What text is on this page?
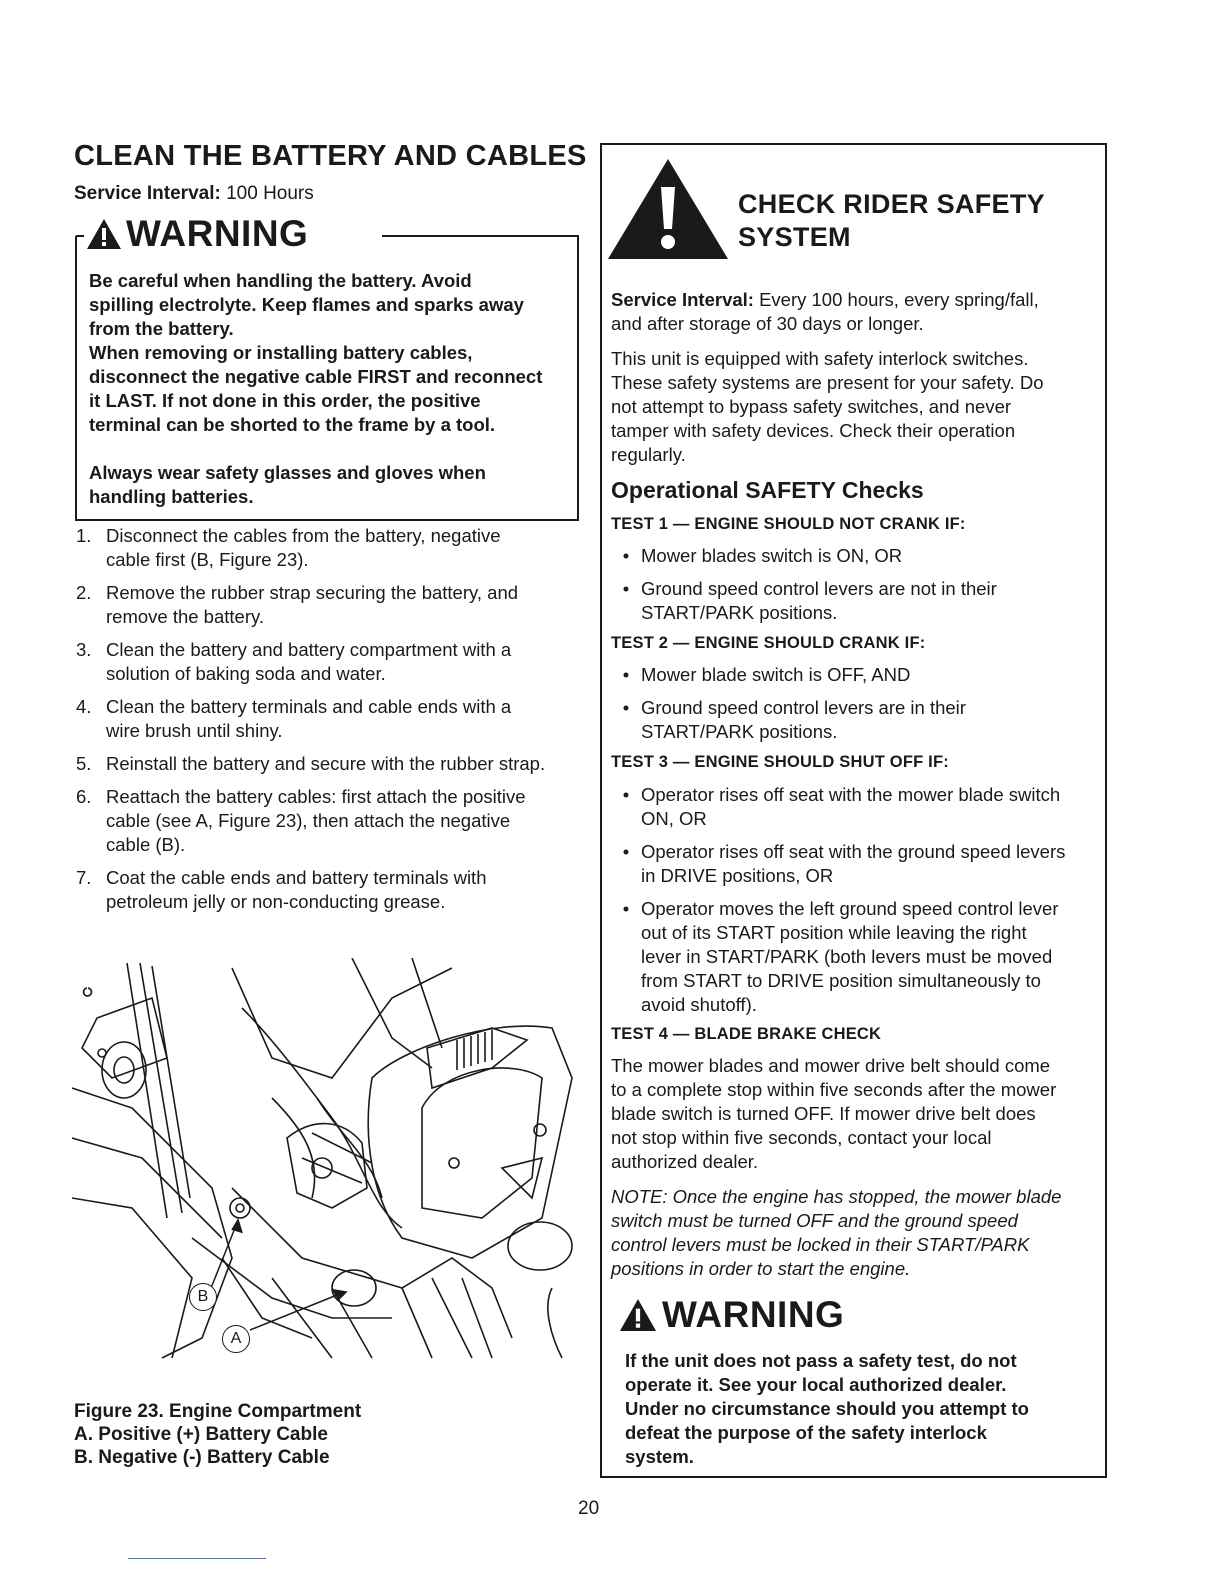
CLEAN THE BATTERY AND CABLES
Service Interval: 100 Hours
WARNING
Be careful when handling the battery. Avoid
spilling electrolyte. Keep flames and sparks away
from the battery.
When removing or installing battery cables,
disconnect the negative cable FIRST and reconnect
it LAST. If not done in this order, the positive
terminal can be shorted to the frame by a tool.
Always wear safety glasses and gloves when
handling batteries.
1. Disconnect the cables from the battery, negative
cable first (B, Figure 23).
2. Remove the rubber strap securing the battery, and
remove the battery.
3. Clean the battery and battery compartment with a
solution of baking soda and water.
4. Clean the battery terminals and cable ends with a
wire brush until shiny.
5. Reinstall the battery and secure with the rubber strap.
6. Reattach the battery cables: first attach the positive
cable (see A, Figure 23), then attach the negative
cable (B).
7. Coat the cable ends and battery terminals with
petroleum jelly or non-conducting grease.
B
A
Figure 23. Engine Compartment
A. Positive (+) Battery Cable
B. Negative (-) Battery Cable
CHECK RIDER SAFETY
SYSTEM
Service Interval: Every 100 hours, every spring/fall,
and after storage of 30 days or longer.
This unit is equipped with safety interlock switches.
These safety systems are present for your safety. Do
not attempt to bypass safety switches, and never
tamper with safety devices. Check their operation
regularly.
Operational SAFETY Checks
TEST 1 — ENGINE SHOULD NOT CRANK IF:
• Mower blades switch is ON, OR
• Ground speed control levers are not in their
START/PARK positions.
TEST 2 — ENGINE SHOULD CRANK IF:
• Mower blade switch is OFF, AND
• Ground speed control levers are in their
START/PARK positions.
TEST 3 — ENGINE SHOULD SHUT OFF IF:
• Operator rises off seat with the mower blade switch
ON, OR
• Operator rises off seat with the ground speed levers
in DRIVE positions, OR
• Operator moves the left ground speed control lever
out of its START position while leaving the right
lever in START/PARK (both levers must be moved
from START to DRIVE position simultaneously to
avoid shutoff).
TEST 4 — BLADE BRAKE CHECK
The mower blades and mower drive belt should come
to a complete stop within five seconds after the mower
blade switch is turned OFF. If mower drive belt does
not stop within five seconds, contact your local
authorized dealer.
NOTE: Once the engine has stopped, the mower blade
switch must be turned OFF and the ground speed
control levers must be locked in their START/PARK
positions in order to start the engine.
WARNING
If the unit does not pass a safety test, do not
operate it. See your local authorized dealer.
Under no circumstance should you attempt to
defeat the purpose of the safety interlock
system.
20
